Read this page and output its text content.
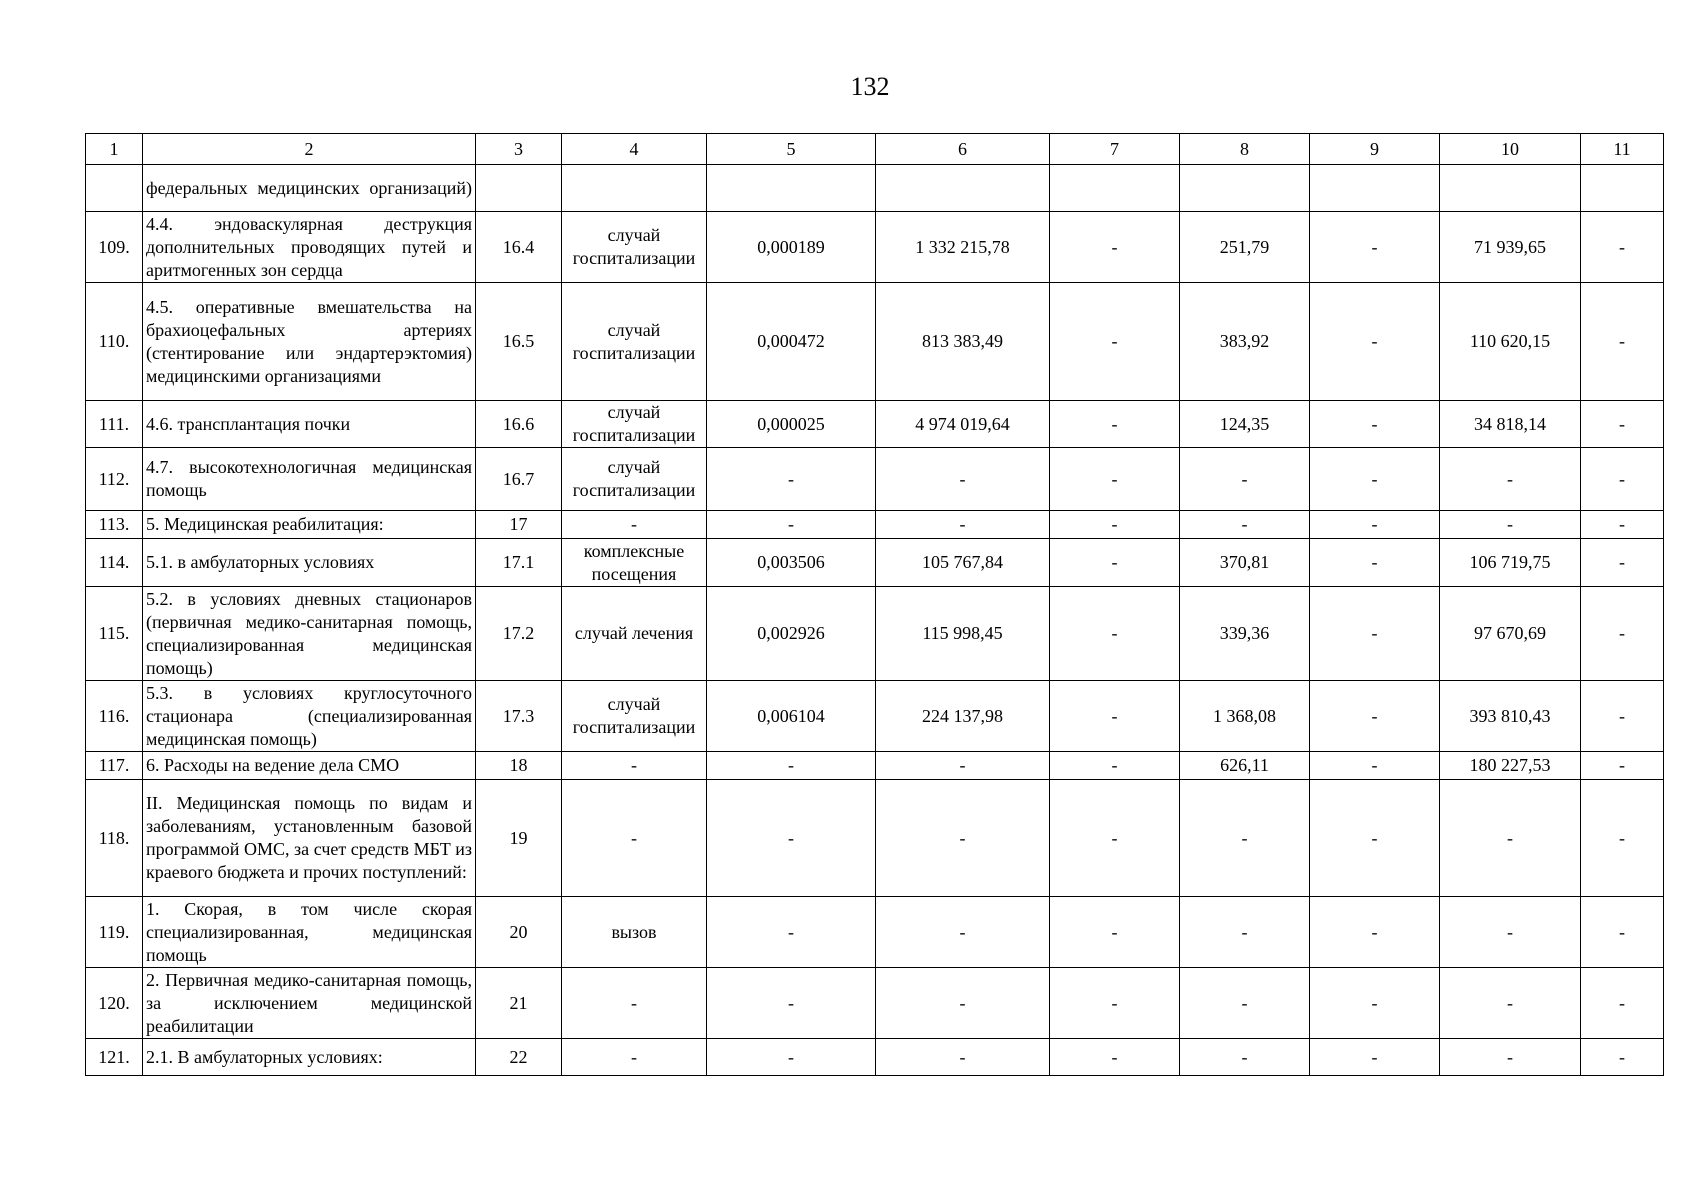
132
1	2	3	4	5	6	7	8	9	10	11
	федеральных медицинских организаций)									
109.	4.4. эндоваскулярная деструкция дополнительных проводящих путей и аритмогенных зон сердца	16.4	случай госпитализации	0,000189	1 332 215,78	-	251,79	-	71 939,65	-
110.	4.5. оперативные вмешательства на брахиоцефальных артериях (стентирование или эндартерэктомия) медицинскими организациями	16.5	случай госпитализации	0,000472	813 383,49	-	383,92	-	110 620,15	-
111.	4.6. трансплантация почки	16.6	случай госпитализации	0,000025	4 974 019,64	-	124,35	-	34 818,14	-
112.	4.7. высокотехнологичная медицинская помощь	16.7	случай госпитализации	-	-	-	-	-	-	-
113.	5. Медицинская реабилитация:	17	-	-	-	-	-	-	-	-
114.	5.1. в амбулаторных условиях	17.1	комплексные посещения	0,003506	105 767,84	-	370,81	-	106 719,75	-
115.	5.2. в условиях дневных стационаров (первичная медико-санитарная помощь, специализированная медицинская помощь)	17.2	случай лечения	0,002926	115 998,45	-	339,36	-	97 670,69	-
116.	5.3. в условиях круглосуточного стационара (специализированная медицинская помощь)	17.3	случай госпитализации	0,006104	224 137,98	-	1 368,08	-	393 810,43	-
117.	6. Расходы на ведение дела СМО	18	-	-	-	-	626,11	-	180 227,53	-
118.	II. Медицинская помощь по видам и заболеваниям, установленным базовой программой ОМС, за счет средств МБТ из краевого бюджета и прочих поступлений:	19	-	-	-	-	-	-	-	-
119.	1. Скорая, в том числе скорая специализированная, медицинская помощь	20	вызов	-	-	-	-	-	-	-
120.	2. Первичная медико-санитарная помощь, за исключением медицинской реабилитации	21	-	-	-	-	-	-	-	-
121.	2.1. В амбулаторных условиях:	22	-	-	-	-	-	-	-	-
